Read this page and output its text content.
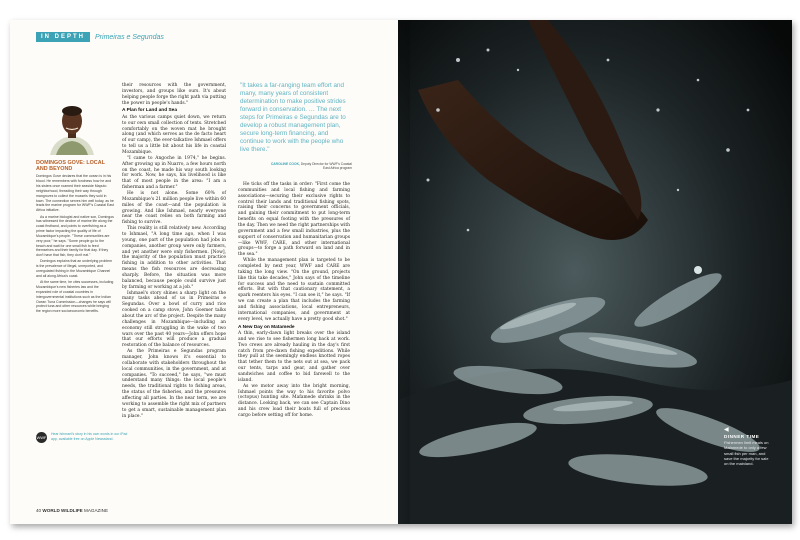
IN DEPTH	Primeiras e Segundas
DOMINGOS GOVE: LOCAL AND BEYOND

Domingos Gove declares that the ocean is in his blood. He remembers with fondness how he and his sisters once roamed their seaside Maputo neighborhood, threading their way through mangroves to collect the mussels they sold in town. The connection serves him well today, as he leads the marine program for WWF's Coastal East Africa initiative.

As a marine biologist and native son, Domingos has witnessed the decline of marine life along the coast firsthand, and points to overfishing as a prime factor impacting the quality of life of Mozambique's people. "These communities are very poor," he says. "Some people go to the beach and wait for one small fish to feed themselves and their family for that day. If they don't have that fish, they don't eat."

Domingos explains that an underlying problem is the prevalence of illegal, unreported, and unregulated fishing in the Mozambique Channel and all along Africa's coast.

At the same time, he cites successes, including Mozambique's new fisheries law and the expanded role of coastal countries in intergovernmental institutions such as the Indian Ocean Tuna Commission—changes he says will protect tuna and other resources while bringing the region more socioeconomic benefits.

WWF
Hear Ishmael's story in his own words in our iPad app, available free on Apple Newsstand.

their resources with the government, investors, and groups like ours. It's about helping people forge the right path via putting the power in people's hands."

A Plan for Land and Sea

As the various camps quiet down, we return to our own small collection of tents. Stretched comfortably on the woven mat he brought along (and which serves as the de facto heart of our camp), the ever-talkative Ishmael offers to tell us a little bit about his life in coastal Mozambique.

"I came to Angoche in 1974," he begins. After growing up in Nuarro, a few hours north on the coast, he made his way south looking for work. Now, he says, his livelihood is like that of most people in the area: "I am a fisherman and a farmer."

He is not alone. Some 60% of Mozambique's 21 million people live within 60 miles of the coast—and the population is growing. And like Ishmael, nearly everyone near the coast relies on both farming and fishing to survive.

This reality is still relatively new. According to Ishmael, "A long time ago, when I was young, one part of the population had jobs in companies, another group were only farmers, and yet another were only fishermen. [Now], the majority of the population must practice fishing in addition to other activities. That means the fish resources are decreasing sharply. Before, the situation was more balanced, because people could survive just by farming or working at a job."

Ishmael's story shines a sharp light on the many tasks ahead of us in Primeiras e Segundas. Over a bowl of curry and rice cooked on a camp stove, John Goemer talks about the arc of the project. Despite the many challenges in Mozambique—including an economy still struggling in the wake of two wars over the past 40 years—John offers hope that our efforts will produce a gradual restoration of the balance of resources.

As the Primeiras e Segundas program manager, John knows it's essential to collaborate with stakeholders throughout the local communities, in the government, and at companies. "To succeed," he says, "we must understand many things: the local people's needs, the traditional rights to fishing areas, the status of the fisheries, and the pressures affecting all parties. In the near term, we are working to assemble the right mix of partners to get a smart, sustainable management plan in place."

"It takes a far-ranging team effort and many, many years of consistent determination to make positive strides forward in conservation. … The next steps for Primeiras e Segundas are to develop a robust management plan, secure long-term financing, and continue to work with the people who live there."
CAROLINE COOK, Deputy Director for WWF's Coastal East Africa program

He ticks off the tasks in order: "First come the communities and local fishing and farming associations—securing their exclusive rights to control their lands and traditional fishing spots, raising their concerns to government officials, and gaining their commitment to put long-term benefits on equal footing with the pressures of the day. Then we need the right partnerships with government and a few small industries, plus the support of conservation and humanitarian groups—like WWF, CARE, and other international groups—to forge a path forward on land and in the sea."

While the management plan is targeted to be completed by next year, WWF and CARE are taking the long view. "On the ground, projects like this take decades," John says of the timeline for success and the need to sustain committed efforts. But with that cautionary statement, a spark reenters his eyes. "I can see it," he says. "If we can create a plan that includes the farming and fishing associations, local entrepreneurs, international companies, and government at every level, we actually have a pretty good shot."

A New Day on Matamede

A thin, early-dawn light breaks over the island and we rise to see fishermen long back at work. Two crews are already hauling in the day's first catch from pre-dawn fishing expeditions. While they pull at the seemingly endless knotted ropes that tether them to the nets out at sea, we pack our tents, tarps and gear, and gather over sandwiches and coffee to bid farewell to the island.

As we motor away into the bright morning, Ishmael points the way to his favorite polvo (octopus) hunting site. Mafamede shrinks in the distance. Looking back, we can see Captain Dino and his crew load their boats full of precious cargo before setting off for home.

40 WORLD WILDLIFE MAGAZINE
◀
DINNER TIME
Fishermen limit meals on Mafamede to only a few small fish per man, and save the majority for sale on the mainland.
